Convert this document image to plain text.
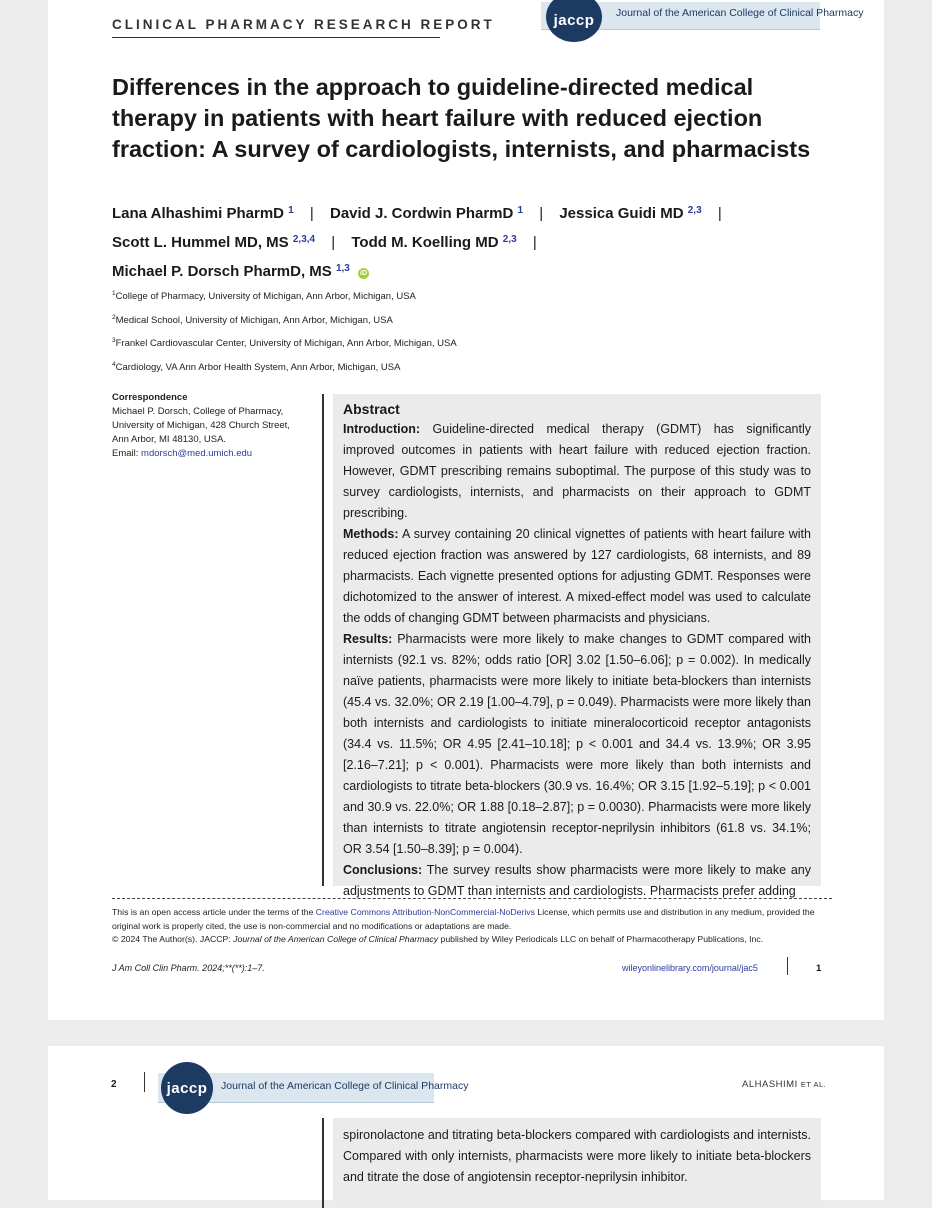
CLINICAL PHARMACY RESEARCH REPORT	jaccp	Journal of the American College of Clinical Pharmacy
Differences in the approach to guideline-directed medical therapy in patients with heart failure with reduced ejection fraction: A survey of cardiologists, internists, and pharmacists
Lana Alhashimi PharmD $^1$ | David J. Cordwin PharmD $^1$ | Jessica Guidi MD $^{2,3}$ |
Scott L. Hummel MD, MS $^{2,3,4}$ | Todd M. Koelling MD $^{2,3}$ |
Michael P. Dorsch PharmD, MS $^{1,3}$ iD
$^1$College of Pharmacy, University of Michigan, Ann Arbor, Michigan, USA
$^2$Medical School, University of Michigan, Ann Arbor, Michigan, USA
$^3$Frankel Cardiovascular Center, University of Michigan, Ann Arbor, Michigan, USA
$^4$Cardiology, VA Ann Arbor Health System, Ann Arbor, Michigan, USA
Correspondence
Michael P. Dorsch, College of Pharmacy,
University of Michigan, 428 Church Street,
Ann Arbor, MI 48130, USA.
Email: mdorsch@med.umich.edu
Abstract

Introduction: Guideline-directed medical therapy (GDMT) has significantly improved outcomes in patients with heart failure with reduced ejection fraction. However, GDMT prescribing remains suboptimal. The purpose of this study was to survey cardiologists, internists, and pharmacists on their approach to GDMT prescribing.

Methods: A survey containing 20 clinical vignettes of patients with heart failure with reduced ejection fraction was answered by 127 cardiologists, 68 internists, and 89 pharmacists. Each vignette presented options for adjusting GDMT. Responses were dichotomized to the answer of interest. A mixed-effect model was used to calculate the odds of changing GDMT between pharmacists and physicians.

Results: Pharmacists were more likely to make changes to GDMT compared with internists (92.1 vs. 82%; odds ratio [OR] 3.02 [1.50–6.06]; p = 0.002). In medically naïve patients, pharmacists were more likely to initiate beta-blockers than internists (45.4 vs. 32.0%; OR 2.19 [1.00–4.79], p = 0.049). Pharmacists were more likely than both internists and cardiologists to initiate mineralocorticoid receptor antagonists (34.4 vs. 11.5%; OR 4.95 [2.41–10.18]; p < 0.001 and 34.4 vs. 13.9%; OR 3.95 [2.16–7.21]; p < 0.001). Pharmacists were more likely than both internists and cardiologists to titrate beta-blockers (30.9 vs. 16.4%; OR 3.15 [1.92–5.19]; p < 0.001 and 30.9 vs. 22.0%; OR 1.88 [0.18–2.87]; p = 0.0030). Pharmacists were more likely than internists to titrate angiotensin receptor-neprilysin inhibitors (61.8 vs. 34.1%; OR 3.54 [1.50–8.39]; p = 0.004).

Conclusions: The survey results show pharmacists were more likely to make any adjustments to GDMT than internists and cardiologists. Pharmacists prefer adding

This is an open access article under the terms of the Creative Commons Attribution-NonCommercial-NoDerivs License, which permits use and distribution in any medium, provided the original work is properly cited, the use is non-commercial and no modifications or adaptations are made.
© 2024 The Author(s). JACCP: Journal of the American College of Clinical Pharmacy published by Wiley Periodicals LLC on behalf of Pharmacotherapy Publications, Inc.
J Am Coll Clin Pharm. 2024;**(**):1–7.	wileyonlinelibrary.com/journal/jac5	1
2	jaccp	Journal of the American College of Clinical Pharmacy	ALHASHIMI ET AL.

spironolactone and titrating beta-blockers compared with cardiologists and internists. Compared with only internists, pharmacists were more likely to initiate beta-blockers and titrate the dose of angiotensin receptor-neprilysin inhibitor.
